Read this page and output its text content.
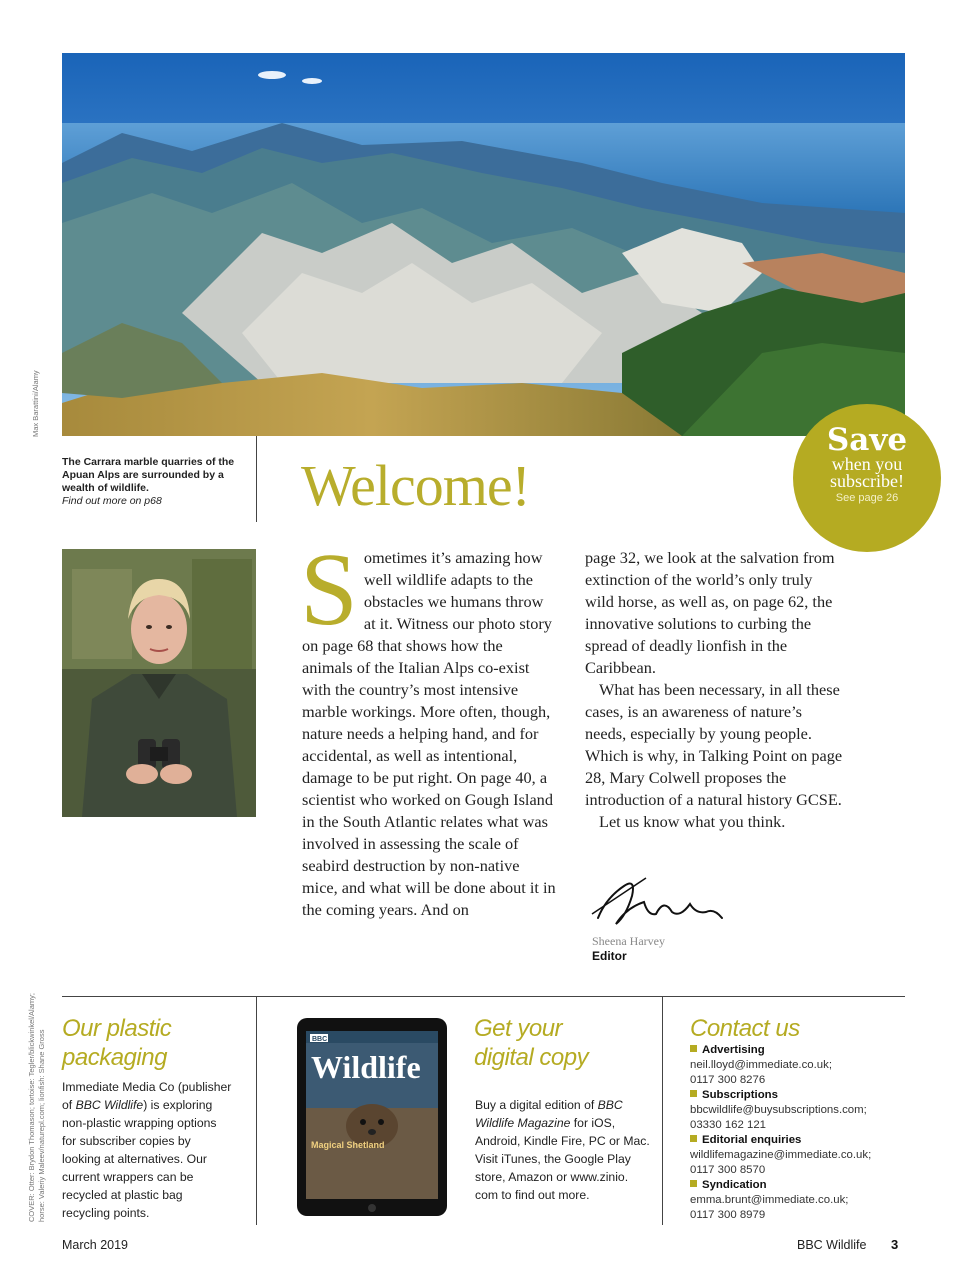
Max Barattini/Alamy
The Carrara marble quarries of the Apuan Alps are surrounded by a wealth of wildlife.
Find out more on p68	Welcome!
Save
when you
subscribe!
See page 26
S ometimes it’s amazing how well wildlife adapts to the obstacles we humans throw at it. Witness our photo story on page 68 that shows how the animals of the Italian Alps co-exist with the country’s most intensive marble workings. More often, though, nature needs a helping hand, and for accidental, as well as intentional, damage to be put right. On page 40, a scientist who worked on Gough Island in the South Atlantic relates what was involved in assessing the scale of seabird destruction by non-native mice, and what will be done about it in the coming years. And on

page 32, we look at the salvation from extinction of the world’s only truly wild horse, as well as, on page 62, the innovative solutions to curbing the spread of deadly lionfish in the Caribbean.

What has been necessary, in all these cases, is an awareness of nature’s needs, especially by young people. Which is why, in Talking Point on page 28, Mary Colwell proposes the introduction of a natural history GCSE.

Let us know what you think.

Sheena Harvey
Editor
COVER: Otter: Brydon Thomason; tortoise: Tegler/blickwinkel/Alamy;
horse: Valeriy Maleev/naturepl.com; lionfish: Shane Gross
Our plastic
packaging
Immediate Media Co (publisher of BBC Wildlife) is exploring non-plastic wrapping options for subscriber copies by looking at alternatives. Our current wrappers can be recycled at plastic bag recycling points.
BBC
Wildlife
Magical Shetland
Get your
digital copy
Buy a digital edition of BBC Wildlife Magazine for iOS, Android, Kindle Fire, PC or Mac. Visit iTunes, the Google Play store, Amazon or www.zinio. com to find out more.
Contact us
Advertising
neil.lloyd@immediate.co.uk;
0117 300 8276
Subscriptions
bbcwildlife@buysubscriptions.com;
03330 162 121
Editorial enquiries
wildlifemagazine@immediate.co.uk;
0117 300 8570
Syndication
emma.brunt@immediate.co.uk;
0117 300 8979
March 2019	BBC Wildlife 3
